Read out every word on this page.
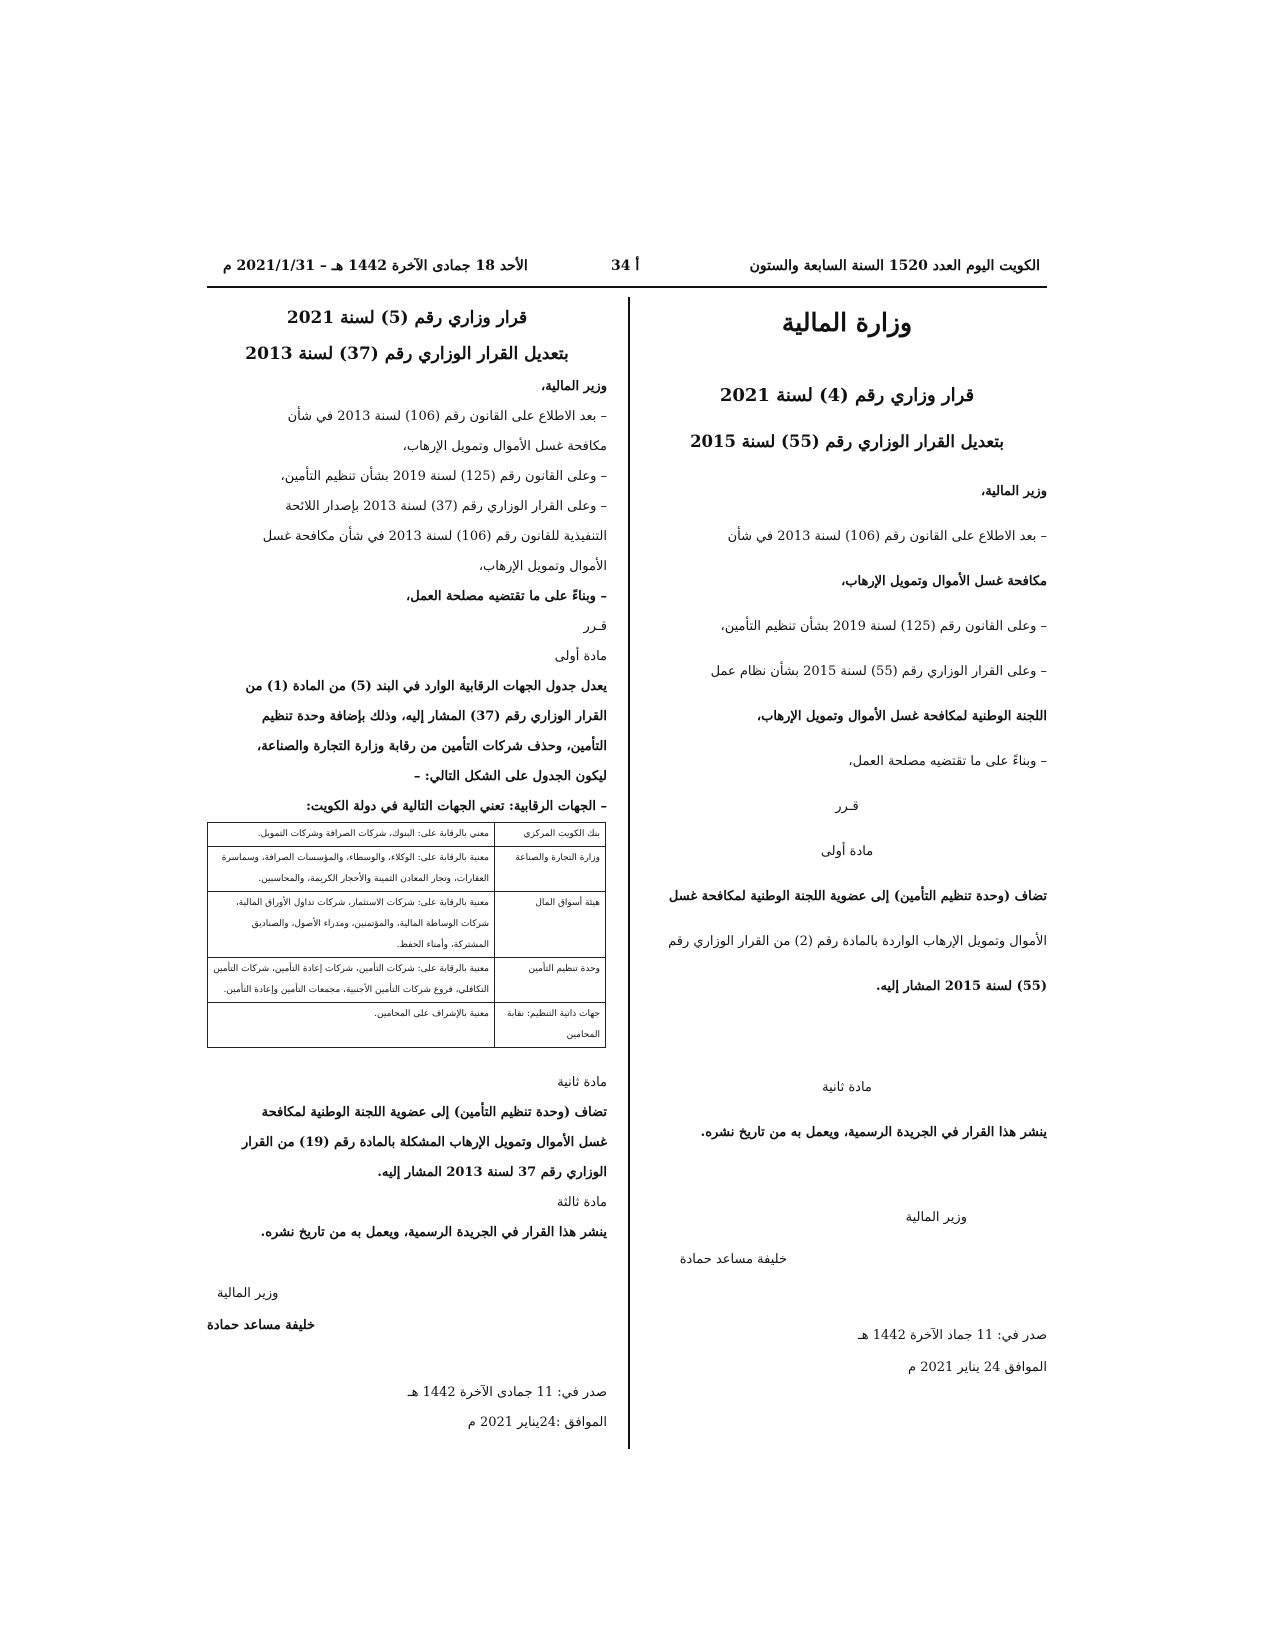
الكويت اليوم العدد 1520 السنة السابعة والستون
أ 34
الأحد 18 جمادى الآخرة 1442 هـ – 2021/1/31 م
وزارة المالية
قرار وزاري رقم (4) لسنة 2021
بتعديل القرار الوزاري رقم (55) لسنة 2015
وزير المالية،
– بعد الاطلاع على القانون رقم (106) لسنة 2013 في شأن
مكافحة غسل الأموال وتمويل الإرهاب،
– وعلى القانون رقم (125) لسنة 2019 بشأن تنظيم التأمين،
– وعلى القرار الوزاري رقم (55) لسنة 2015 بشأن نظام عمل
اللجنة الوطنية لمكافحة غسل الأموال وتمويل الإرهاب،
– وبناءً على ما تقتضيه مصلحة العمل،
قـرر
مادة أولى
تضاف (وحدة تنظيم التأمين) إلى عضوية اللجنة الوطنية لمكافحة غسل
الأموال وتمويل الإرهاب الواردة بالمادة رقم (2) من القرار الوزاري رقم
(55) لسنة 2015 المشار إليه.
مادة ثانية
ينشر هذا القرار في الجريدة الرسمية، ويعمل به من تاريخ نشره.
وزير المالية
خليفة مساعد حمادة
صدر في: 11 جماد الآخرة 1442 هـ
الموافق 24 يناير 2021 م
قرار وزاري رقم (5) لسنة 2021
بتعديل القرار الوزاري رقم (37) لسنة 2013
وزير المالية،
– بعد الاطلاع على القانون رقم (106) لسنة 2013 في شأن
مكافحة غسل الأموال وتمويل الإرهاب،
– وعلى القانون رقم (125) لسنة 2019 بشأن تنظيم التأمين،
– وعلى القرار الوزاري رقم (37) لسنة 2013 بإصدار اللائحة
التنفيذية للقانون رقم (106) لسنة 2013 في شأن مكافحة غسل
الأموال وتمويل الإرهاب،
– وبناءً على ما تقتضيه مصلحة العمل،
قـرر
مادة أولى
يعدل جدول الجهات الرقابية الوارد في البند (5) من المادة (1) من
القرار الوزاري رقم (37) المشار إليه، وذلك بإضافة وحدة تنظيم
التأمين، وحذف شركات التأمين من رقابة وزارة التجارة والصناعة،
ليكون الجدول على الشكل التالي: –
– الجهات الرقابية: تعني الجهات التالية في دولة الكويت:
بنك الكويت المركزي	معني بالرقابة على: البنوك، شركات الصرافة وشركات التمويل.
وزارة التجارة والصناعة	معنية بالرقابة على: الوكلاء، والوسطاء، والمؤسسات الصرافة، وسماسرة العقارات، وتجار المعادن الثمينة والأحجار الكريمة، والمحاسبين.
هيئة أسواق المال	معنية بالرقابة على: شركات الاستثمار، شركات تداول الأوراق المالية، شركات الوساطة المالية، والمؤتمنين، ومدراء الأصول، والصناديق المشتركة، وأمناء الحفظ.
وحدة تنظيم التأمين	معنية بالرقابة على: شركات التأمين، شركات إعادة التأمين، شركات التأمين التكافلي، فروع شركات التأمين الأجنبية، مجمعات التأمين وإعادة التأمين.
جهات ذاتية التنظيم: نقابة المحامين	معنية بالإشراف على المحامين.
مادة ثانية
تضاف (وحدة تنظيم التأمين) إلى عضوية اللجنة الوطنية لمكافحة
غسل الأموال وتمويل الإرهاب المشكلة بالمادة رقم (19) من القرار
الوزاري رقم 37 لسنة 2013 المشار إليه.
مادة ثالثة
ينشر هذا القرار في الجريدة الرسمية، ويعمل به من تاريخ نشره.
وزير المالية
خليفة مساعد حمادة
صدر في: 11 جمادى الآخرة 1442 هـ
الموافق :24يناير 2021 م
